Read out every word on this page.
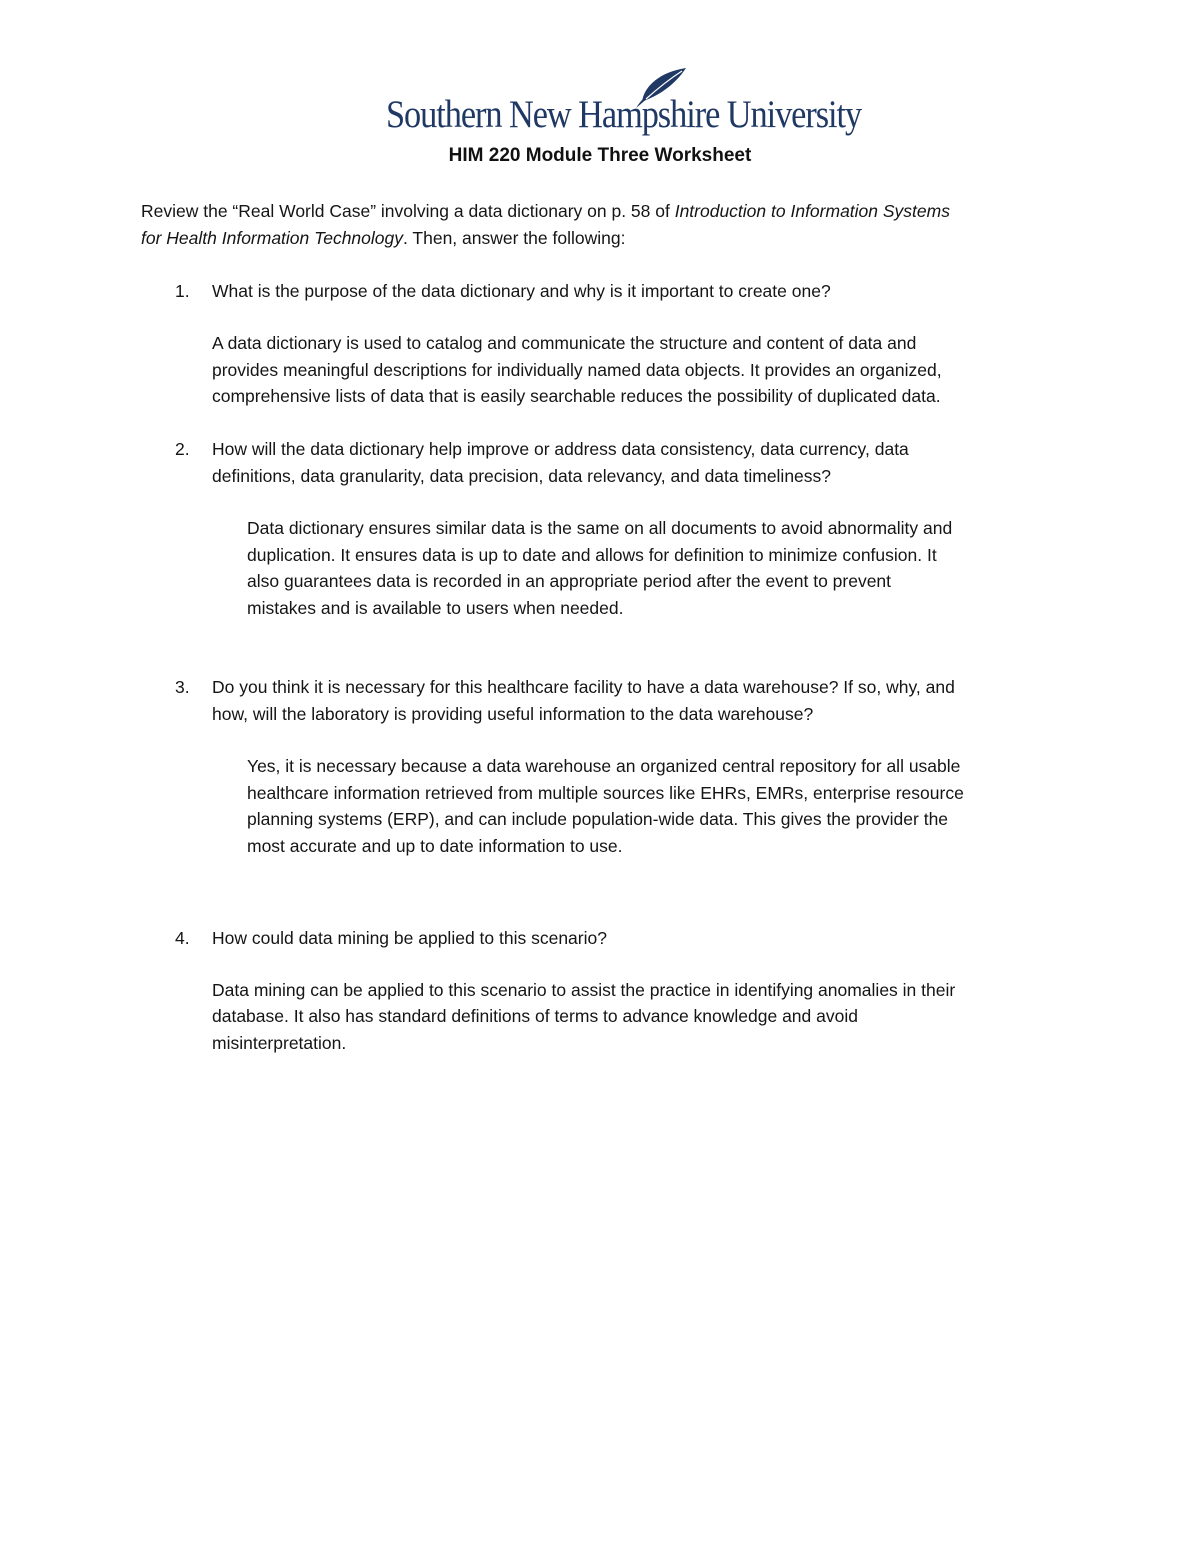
Southern New Hampshire University
HIM 220 Module Three Worksheet
Review the “Real World Case” involving a data dictionary on p. 58 of Introduction to Information Systems
for Health Information Technology. Then, answer the following:
1. What is the purpose of the data dictionary and why is it important to create one?
A data dictionary is used to catalog and communicate the structure and content of data and
provides meaningful descriptions for individually named data objects. It provides an organized,
comprehensive lists of data that is easily searchable reduces the possibility of duplicated data.
2. How will the data dictionary help improve or address data consistency, data currency, data
definitions, data granularity, data precision, data relevancy, and data timeliness?
Data dictionary ensures similar data is the same on all documents to avoid abnormality and
duplication. It ensures data is up to date and allows for definition to minimize confusion. It
also guarantees data is recorded in an appropriate period after the event to prevent
mistakes and is available to users when needed.
3. Do you think it is necessary for this healthcare facility to have a data warehouse? If so, why, and
how, will the laboratory is providing useful information to the data warehouse?
Yes, it is necessary because a data warehouse an organized central repository for all usable
healthcare information retrieved from multiple sources like EHRs, EMRs, enterprise resource
planning systems (ERP), and can include population-wide data. This gives the provider the
most accurate and up to date information to use.
4. How could data mining be applied to this scenario?
Data mining can be applied to this scenario to assist the practice in identifying anomalies in their
database. It also has standard definitions of terms to advance knowledge and avoid
misinterpretation.
